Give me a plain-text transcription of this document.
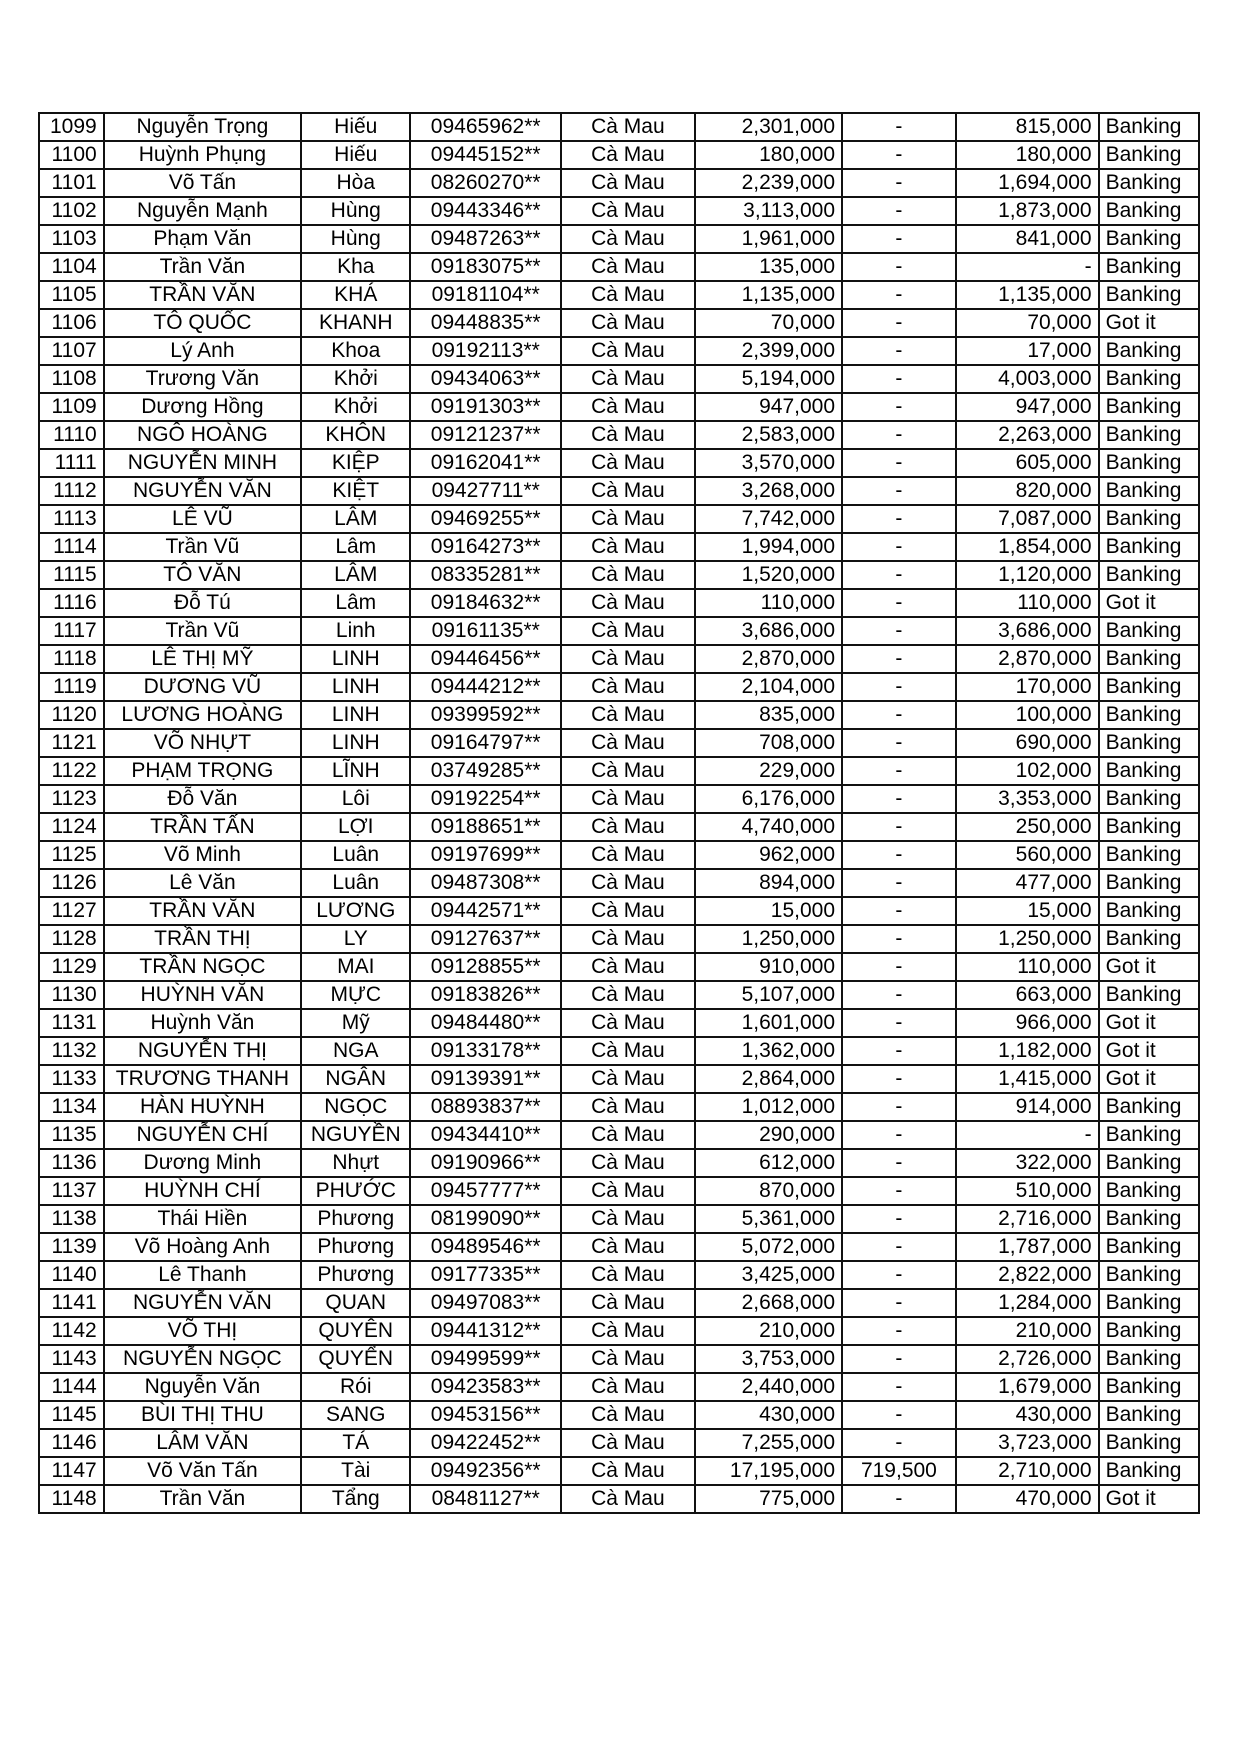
1099	Nguyễn Trọng	Hiếu	09465962**	Cà Mau	2,301,000	-	815,000	Banking
1100	Huỳnh Phụng	Hiếu	09445152**	Cà Mau	180,000	-	180,000	Banking
1101	Võ Tấn	Hòa	08260270**	Cà Mau	2,239,000	-	1,694,000	Banking
1102	Nguyễn Mạnh	Hùng	09443346**	Cà Mau	3,113,000	-	1,873,000	Banking
1103	Phạm Văn	Hùng	09487263**	Cà Mau	1,961,000	-	841,000	Banking
1104	Trần Văn	Kha	09183075**	Cà Mau	135,000	-	-	Banking
1105	TRẦN VĂN	KHÁ	09181104**	Cà Mau	1,135,000	-	1,135,000	Banking
1106	TÔ QUỐC	KHANH	09448835**	Cà Mau	70,000	-	70,000	Got it
1107	Lý Anh	Khoa	09192113**	Cà Mau	2,399,000	-	17,000	Banking
1108	Trương Văn	Khởi	09434063**	Cà Mau	5,194,000	-	4,003,000	Banking
1109	Dương Hồng	Khởi	09191303**	Cà Mau	947,000	-	947,000	Banking
1110	NGÔ HOÀNG	KHÔN	09121237**	Cà Mau	2,583,000	-	2,263,000	Banking
1111	NGUYỄN MINH	KIỆP	09162041**	Cà Mau	3,570,000	-	605,000	Banking
1112	NGUYỄN VĂN	KIỆT	09427711**	Cà Mau	3,268,000	-	820,000	Banking
1113	LÊ VŨ	LÂM	09469255**	Cà Mau	7,742,000	-	7,087,000	Banking
1114	Trần Vũ	Lâm	09164273**	Cà Mau	1,994,000	-	1,854,000	Banking
1115	TÔ VĂN	LÂM	08335281**	Cà Mau	1,520,000	-	1,120,000	Banking
1116	Đỗ Tú	Lâm	09184632**	Cà Mau	110,000	-	110,000	Got it
1117	Trần Vũ	Linh	09161135**	Cà Mau	3,686,000	-	3,686,000	Banking
1118	LÊ THỊ MỸ	LINH	09446456**	Cà Mau	2,870,000	-	2,870,000	Banking
1119	DƯƠNG VŨ	LINH	09444212**	Cà Mau	2,104,000	-	170,000	Banking
1120	LƯƠNG HOÀNG	LINH	09399592**	Cà Mau	835,000	-	100,000	Banking
1121	VÕ NHỰT	LINH	09164797**	Cà Mau	708,000	-	690,000	Banking
1122	PHẠM TRỌNG	LĨNH	03749285**	Cà Mau	229,000	-	102,000	Banking
1123	Đỗ Văn	Lôi	09192254**	Cà Mau	6,176,000	-	3,353,000	Banking
1124	TRẦN TẤN	LỢI	09188651**	Cà Mau	4,740,000	-	250,000	Banking
1125	Võ Minh	Luân	09197699**	Cà Mau	962,000	-	560,000	Banking
1126	Lê Văn	Luân	09487308**	Cà Mau	894,000	-	477,000	Banking
1127	TRẦN VĂN	LƯƠNG	09442571**	Cà Mau	15,000	-	15,000	Banking
1128	TRẦN THỊ	LY	09127637**	Cà Mau	1,250,000	-	1,250,000	Banking
1129	TRẦN NGỌC	MAI	09128855**	Cà Mau	910,000	-	110,000	Got it
1130	HUỲNH VĂN	MỰC	09183826**	Cà Mau	5,107,000	-	663,000	Banking
1131	Huỳnh Văn	Mỹ	09484480**	Cà Mau	1,601,000	-	966,000	Got it
1132	NGUYỄN THỊ	NGA	09133178**	Cà Mau	1,362,000	-	1,182,000	Got it
1133	TRƯƠNG THANH	NGÂN	09139391**	Cà Mau	2,864,000	-	1,415,000	Got it
1134	HÀN HUỲNH	NGỌC	08893837**	Cà Mau	1,012,000	-	914,000	Banking
1135	NGUYỄN CHÍ	NGUYỀN	09434410**	Cà Mau	290,000	-	-	Banking
1136	Dương Minh	Nhựt	09190966**	Cà Mau	612,000	-	322,000	Banking
1137	HUỲNH CHÍ	PHƯỚC	09457777**	Cà Mau	870,000	-	510,000	Banking
1138	Thái Hiền	Phương	08199090**	Cà Mau	5,361,000	-	2,716,000	Banking
1139	Võ Hoàng Anh	Phương	09489546**	Cà Mau	5,072,000	-	1,787,000	Banking
1140	Lê Thanh	Phương	09177335**	Cà Mau	3,425,000	-	2,822,000	Banking
1141	NGUYỄN VĂN	QUAN	09497083**	Cà Mau	2,668,000	-	1,284,000	Banking
1142	VÕ THỊ	QUYÊN	09441312**	Cà Mau	210,000	-	210,000	Banking
1143	NGUYỄN NGỌC	QUYỂN	09499599**	Cà Mau	3,753,000	-	2,726,000	Banking
1144	Nguyễn Văn	Rói	09423583**	Cà Mau	2,440,000	-	1,679,000	Banking
1145	BÙI THỊ THU	SANG	09453156**	Cà Mau	430,000	-	430,000	Banking
1146	LÂM VĂN	TÁ	09422452**	Cà Mau	7,255,000	-	3,723,000	Banking
1147	Võ Văn Tấn	Tài	09492356**	Cà Mau	17,195,000	719,500	2,710,000	Banking
1148	Trần Văn	Tẩng	08481127**	Cà Mau	775,000	-	470,000	Got it
